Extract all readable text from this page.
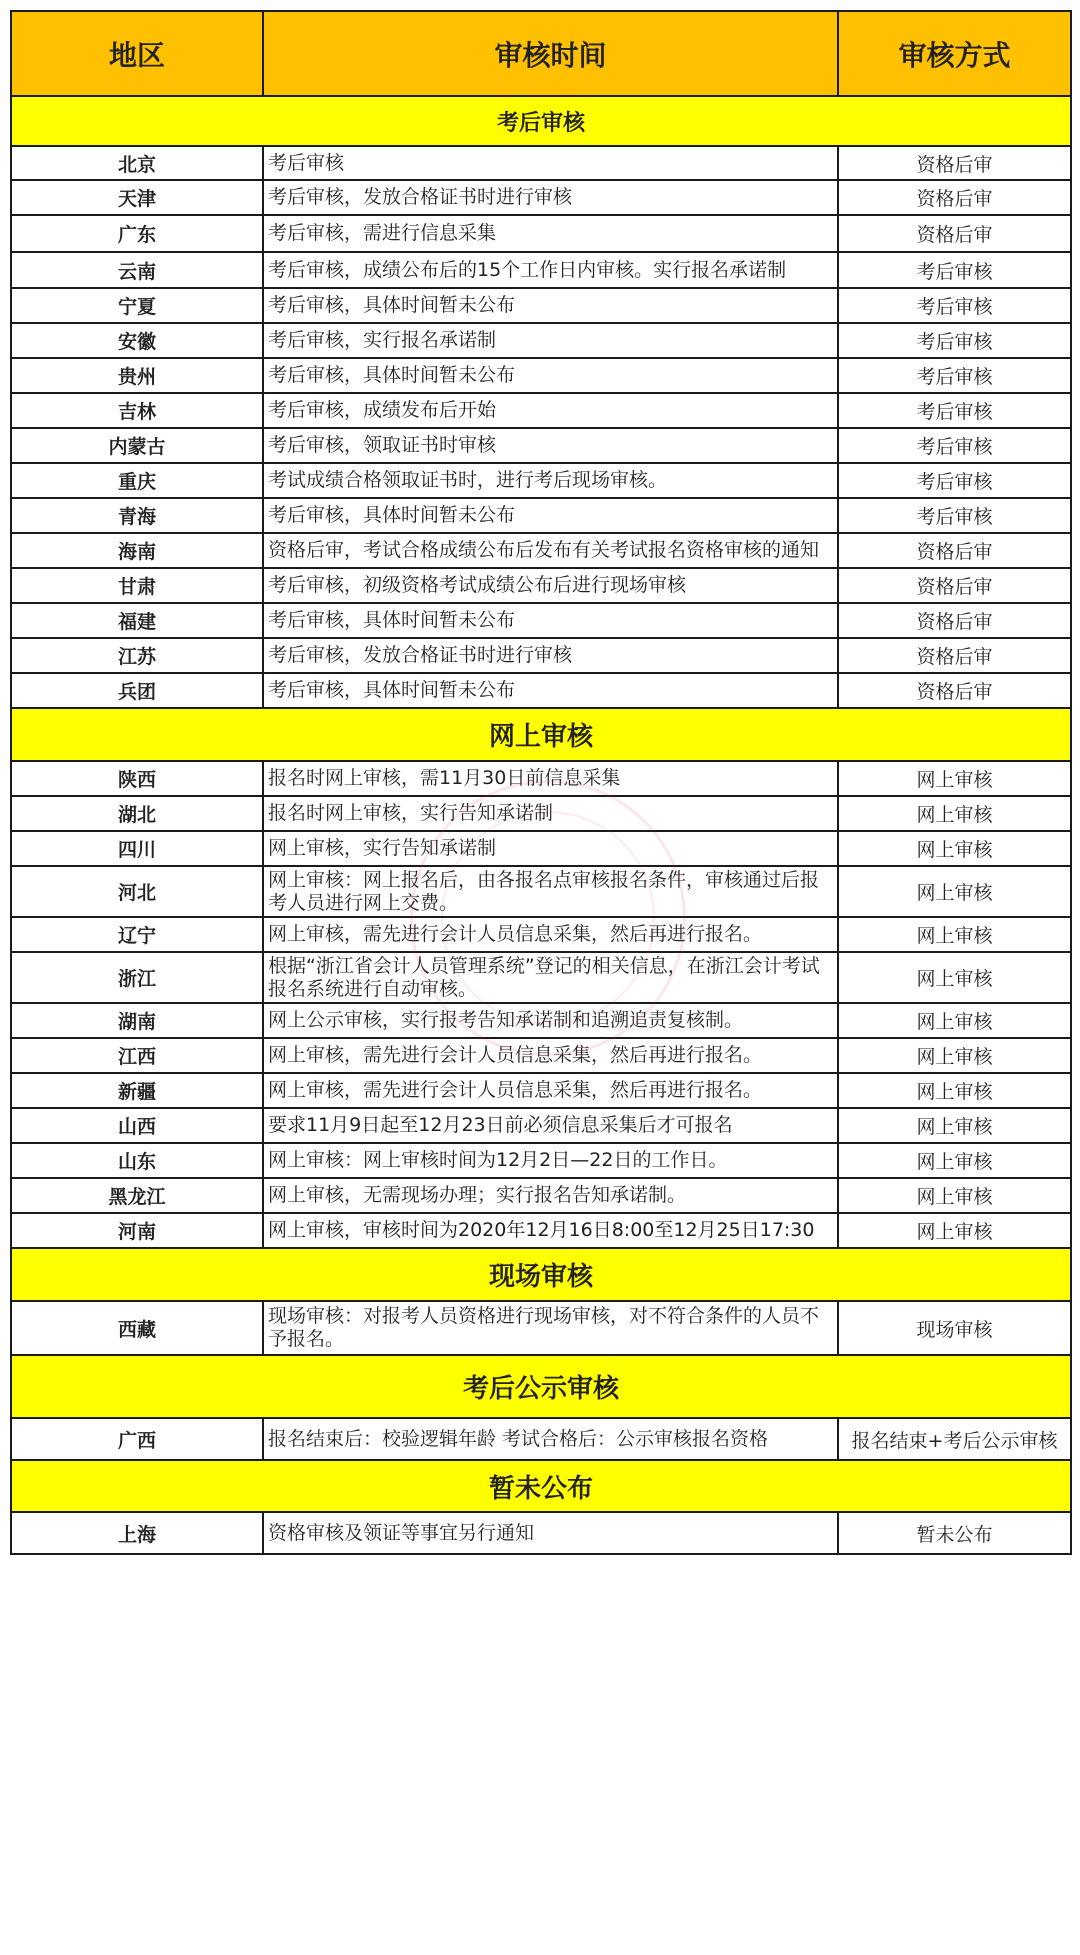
地区	审核时间	审核方式
考后审核		
北京	考后审核	资格后审
天津	考后审核，发放合格证书时进行审核	资格后审
广东	考后审核，需进行信息采集	资格后审
云南	考后审核，成绩公布后的15个工作日内审核。实行报名承诺制	考后审核
宁夏	考后审核，具体时间暂未公布	考后审核
安徽	考后审核，实行报名承诺制	考后审核
贵州	考后审核，具体时间暂未公布	考后审核
吉林	考后审核，成绩发布后开始	考后审核
内蒙古	考后审核，领取证书时审核	考后审核
重庆	考试成绩合格领取证书时，进行考后现场审核。	考后审核
青海	考后审核，具体时间暂未公布	考后审核
海南	资格后审，考试合格成绩公布后发布有关考试报名资格审核的通知	资格后审
甘肃	考后审核，初级资格考试成绩公布后进行现场审核	资格后审
福建	考后审核，具体时间暂未公布	资格后审
江苏	考后审核，发放合格证书时进行审核	资格后审
兵团	考后审核，具体时间暂未公布	资格后审
网上审核		
陕西	报名时网上审核，需11月30日前信息采集	网上审核
湖北	报名时网上审核，实行告知承诺制	网上审核
四川	网上审核，实行告知承诺制	网上审核
河北	网上审核：网上报名后，由各报名点审核报名条件，审核通过后报考人员进行网上交费。	网上审核
辽宁	网上审核，需先进行会计人员信息采集，然后再进行报名。	网上审核
浙江	根据“浙江省会计人员管理系统”登记的相关信息，在浙江会计考试报名系统进行自动审核。	网上审核
湖南	网上公示审核，实行报考告知承诺制和追溯追责复核制。	网上审核
江西	网上审核，需先进行会计人员信息采集，然后再进行报名。	网上审核
新疆	网上审核，需先进行会计人员信息采集，然后再进行报名。	网上审核
山西	要求11月9日起至12月23日前必须信息采集后才可报名	网上审核
山东	网上审核：网上审核时间为12月2日—22日的工作日。	网上审核
黑龙江	网上审核，无需现场办理；实行报名告知承诺制。	网上审核
河南	网上审核，审核时间为2020年12月16日8:00至12月25日17:30	网上审核
现场审核		
西藏	现场审核：对报考人员资格进行现场审核，对不符合条件的人员不予报名。	现场审核
考后公示审核		
广西	报名结束后：校验逻辑年龄 考试合格后：公示审核报名资格	报名结束+考后公示审核
暂未公布		
上海	资格审核及领证等事宜另行通知	暂未公布
